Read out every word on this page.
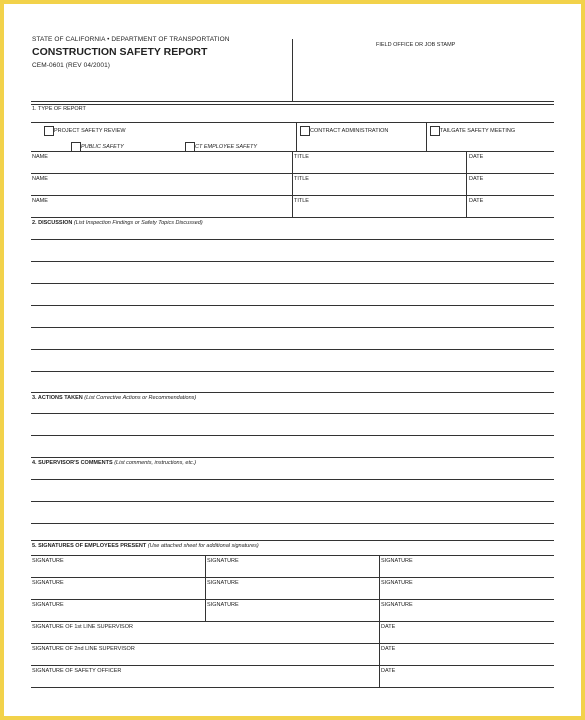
STATE OF CALIFORNIA • DEPARTMENT OF TRANSPORTATION
CONSTRUCTION SAFETY REPORT
CEM-0601 (REV 04/2001)
FIELD OFFICE OR JOB STAMP
1. TYPE OF REPORT
PROJECT SAFETY REVIEW	CONTRACT ADMINISTRATION	TAILGATE SAFETY MEETING
PUBLIC SAFETY	CT EMPLOYEE SAFETY
NAME	TITLE	DATE
NAME	TITLE	DATE
NAME	TITLE	DATE
2. DISCUSSION (List Inspection Findings or Safety Topics Discussed)
3. ACTIONS TAKEN (List Corrective Actions or Recommendations)
4. SUPERVISOR'S COMMENTS (List comments, instructions, etc.)
5. SIGNATURES OF EMPLOYEES PRESENT (Use attached sheet for additional signatures)
SIGNATURE	SIGNATURE	SIGNATURE
SIGNATURE	SIGNATURE	SIGNATURE
SIGNATURE	SIGNATURE	SIGNATURE
SIGNATURE OF 1st LINE SUPERVISOR	DATE
SIGNATURE OF 2nd LINE SUPERVISOR	DATE
SIGNATURE OF SAFETY OFFICER	DATE
